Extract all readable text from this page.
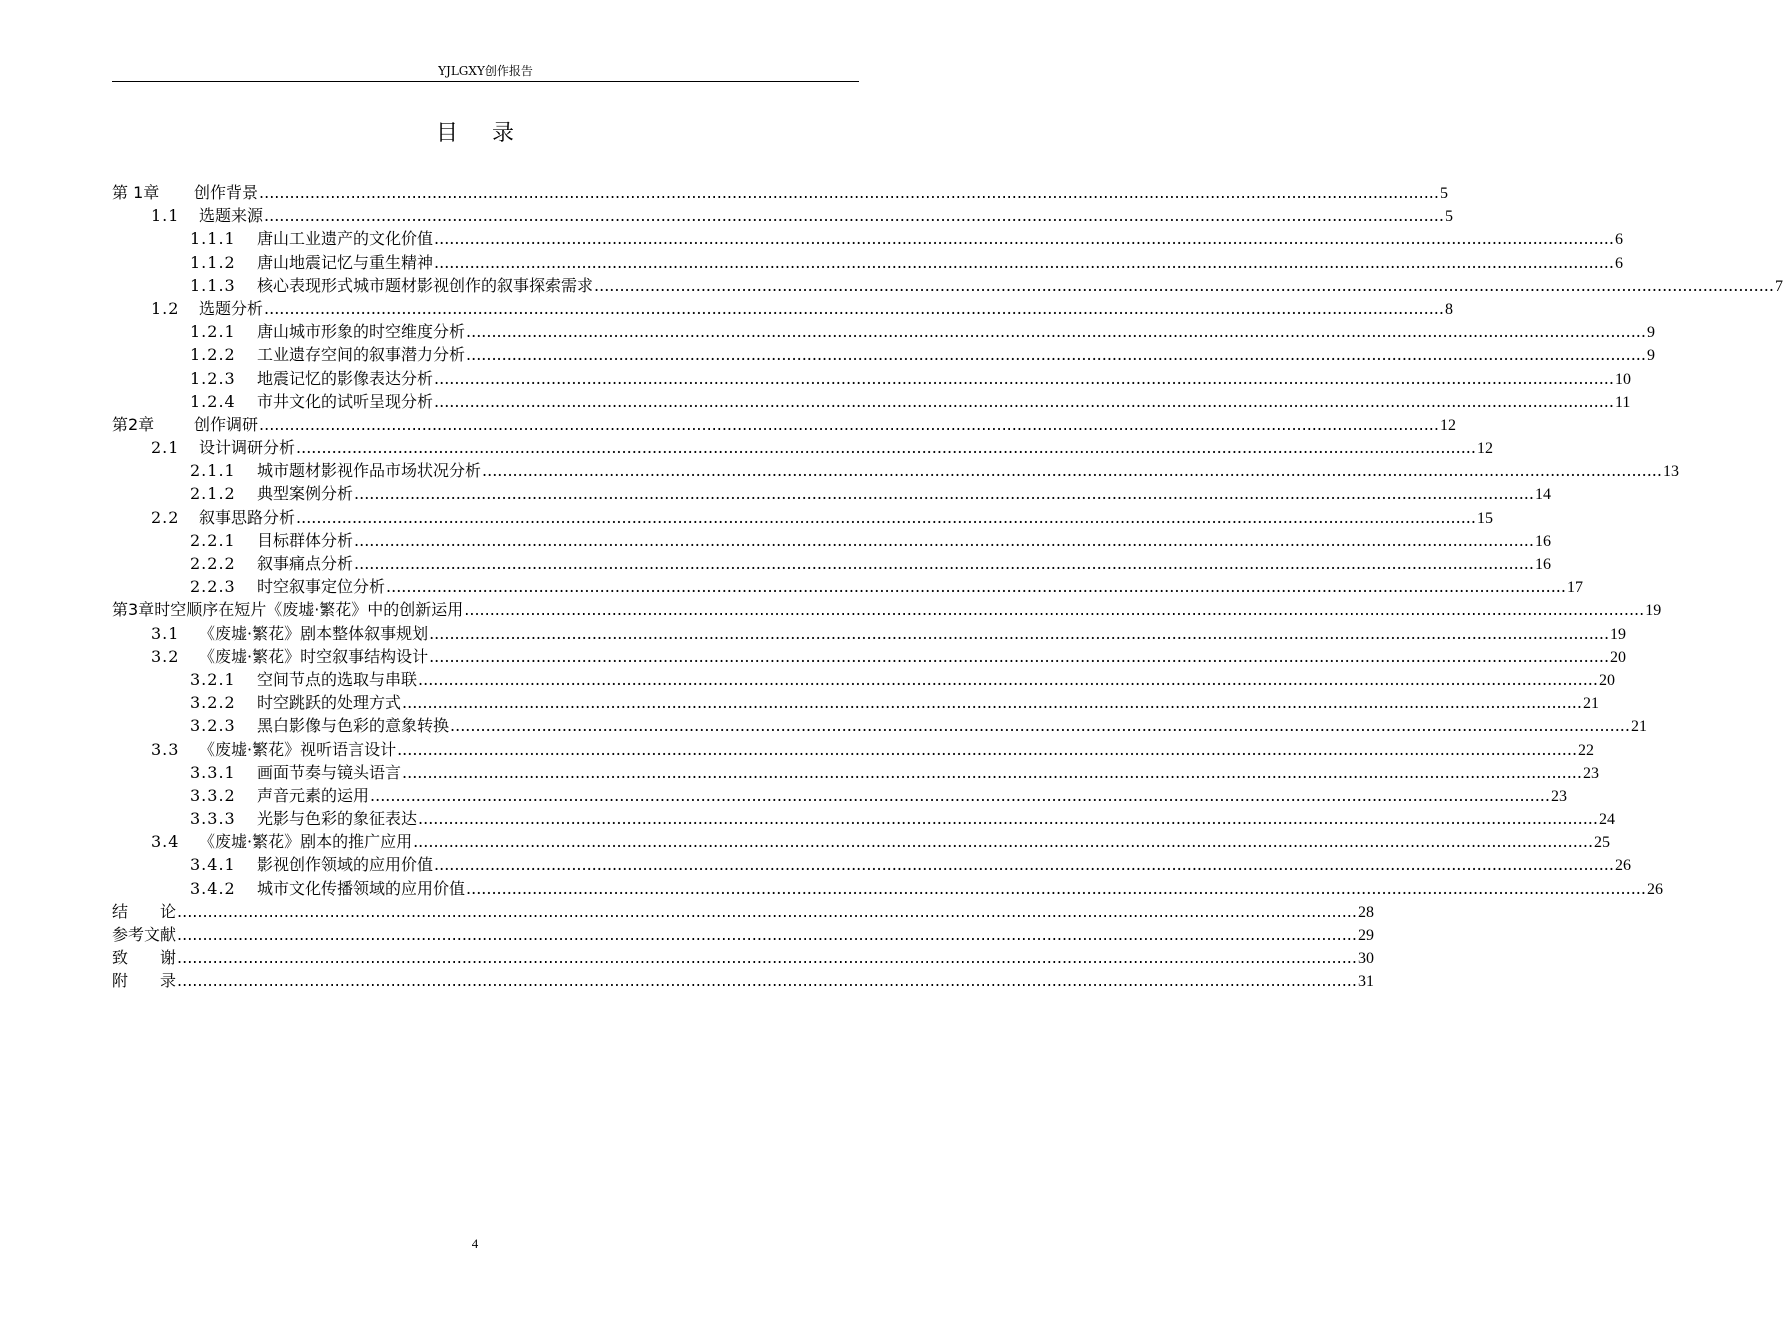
YJLGXY创作报告
目录
第 1章	创作背景 ........................................................................................................................................................................................................................................ 5
1.1	选题来源 ........................................................................................................................................................................................................................................ 5
1.1.1	唐山工业遗产的文化价值 ........................................................................................................................................................................................................................................ 6
1.1.2	唐山地震记忆与重生精神 ........................................................................................................................................................................................................................................ 6
1.1.3	核心表现形式城市题材影视创作的叙事探索需求 ........................................................................................................................................................................................................................................ 7
1.2	选题分析 ........................................................................................................................................................................................................................................ 8
1.2.1	唐山城市形象的时空维度分析 ........................................................................................................................................................................................................................................ 9
1.2.2	工业遗存空间的叙事潜力分析 ........................................................................................................................................................................................................................................ 9
1.2.3	地震记忆的影像表达分析 ........................................................................................................................................................................................................................................ 10
1.2.4	市井文化的试听呈现分析 ........................................................................................................................................................................................................................................ 11
第2章	创作调研 ........................................................................................................................................................................................................................................ 12
2.1	设计调研分析 ........................................................................................................................................................................................................................................ 12
2.1.1	城市题材影视作品市场状况分析 ........................................................................................................................................................................................................................................ 13
2.1.2	典型案例分析 ........................................................................................................................................................................................................................................ 14
2.2	叙事思路分析 ........................................................................................................................................................................................................................................ 15
2.2.1	目标群体分析 ........................................................................................................................................................................................................................................ 16
2.2.2	叙事痛点分析 ........................................................................................................................................................................................................................................ 16
2.2.3	时空叙事定位分析 ........................................................................................................................................................................................................................................ 17
第3章 时空顺序在短片《废墟·繁花》中的创新运用 ........................................................................................................................................................................................................................................ 19
3.1	《废墟·繁花》剧本整体叙事规划 ........................................................................................................................................................................................................................................ 19
3.2	《废墟·繁花》时空叙事结构设计 ........................................................................................................................................................................................................................................ 20
3.2.1	空间节点的选取与串联 ........................................................................................................................................................................................................................................ 20
3.2.2	时空跳跃的处理方式 ........................................................................................................................................................................................................................................ 21
3.2.3	黑白影像与色彩的意象转换 ........................................................................................................................................................................................................................................ 21
3.3	《废墟·繁花》视听语言设计 ........................................................................................................................................................................................................................................ 22
3.3.1	画面节奏与镜头语言 ........................................................................................................................................................................................................................................ 23
3.3.2	声音元素的运用 ........................................................................................................................................................................................................................................ 23
3.3.3	光影与色彩的象征表达 ........................................................................................................................................................................................................................................ 24
3.4	《废墟·繁花》剧本的推广应用 ........................................................................................................................................................................................................................................ 25
3.4.1	影视创作领域的应用价值 ........................................................................................................................................................................................................................................ 26
3.4.2	城市文化传播领域的应用价值 ........................................................................................................................................................................................................................................ 26
结　　论 ........................................................................................................................................................................................................................................ 28
参考文献 ........................................................................................................................................................................................................................................ 29
致　　谢 ........................................................................................................................................................................................................................................ 30
附　　录 ........................................................................................................................................................................................................................................ 31
4
